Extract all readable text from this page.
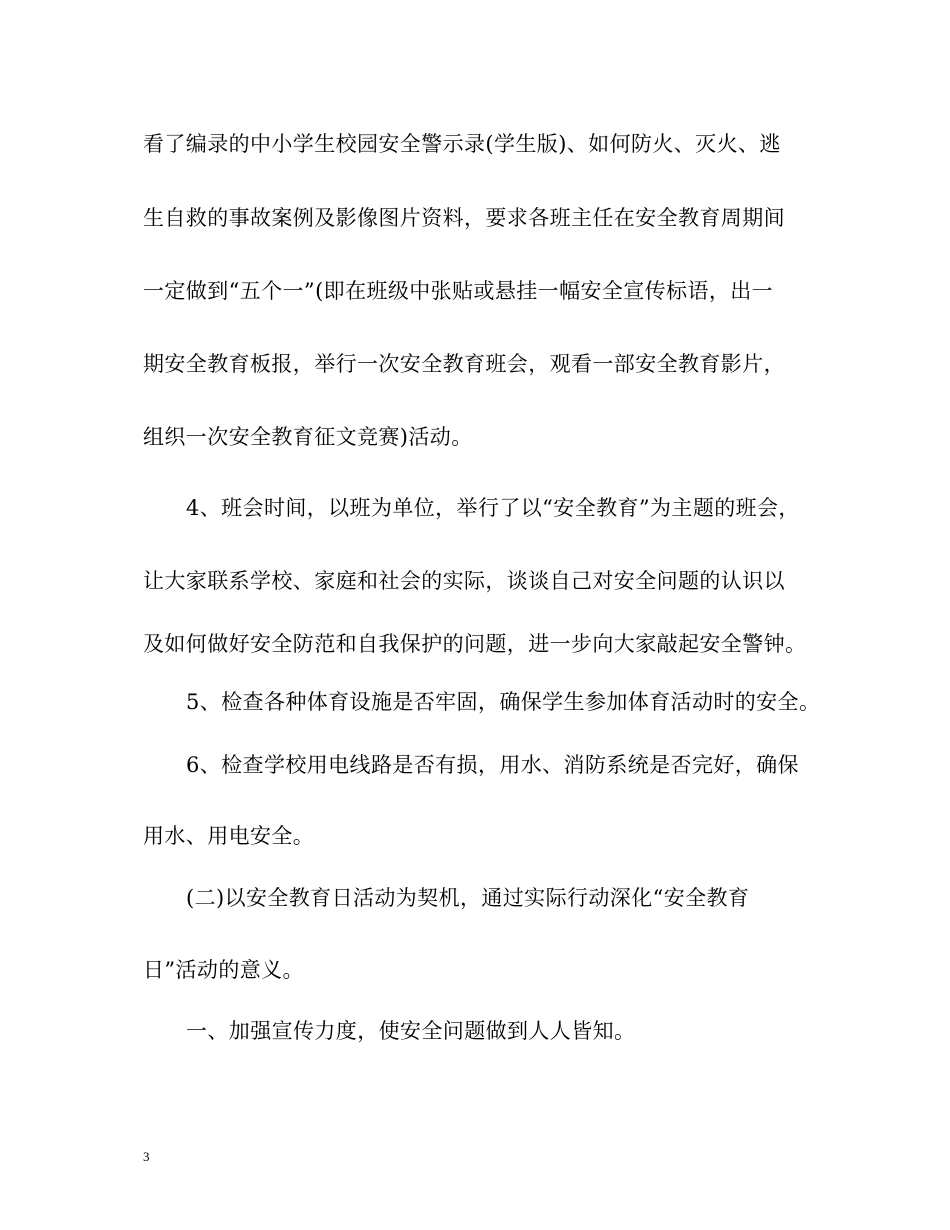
看了编录的中小学生校园安全警示录(学生版)、如何防火、灭火、逃
生自救的事故案例及影像图片资料，要求各班主任在安全教育周期间
一定做到“五个一”(即在班级中张贴或悬挂一幅安全宣传标语，出一
期安全教育板报，举行一次安全教育班会，观看一部安全教育影片，
组织一次安全教育征文竞赛)活动。
4、班会时间，以班为单位，举行了以“安全教育”为主题的班会，
让大家联系学校、家庭和社会的实际，谈谈自己对安全问题的认识以
及如何做好安全防范和自我保护的问题，进一步向大家敲起安全警钟。
5、检查各种体育设施是否牢固，确保学生参加体育活动时的安全。
6、检查学校用电线路是否有损，用水、消防系统是否完好，确保
用水、用电安全。
(二)以安全教育日活动为契机，通过实际行动深化“安全教育
日”活动的意义。
一、加强宣传力度，使安全问题做到人人皆知。
3
